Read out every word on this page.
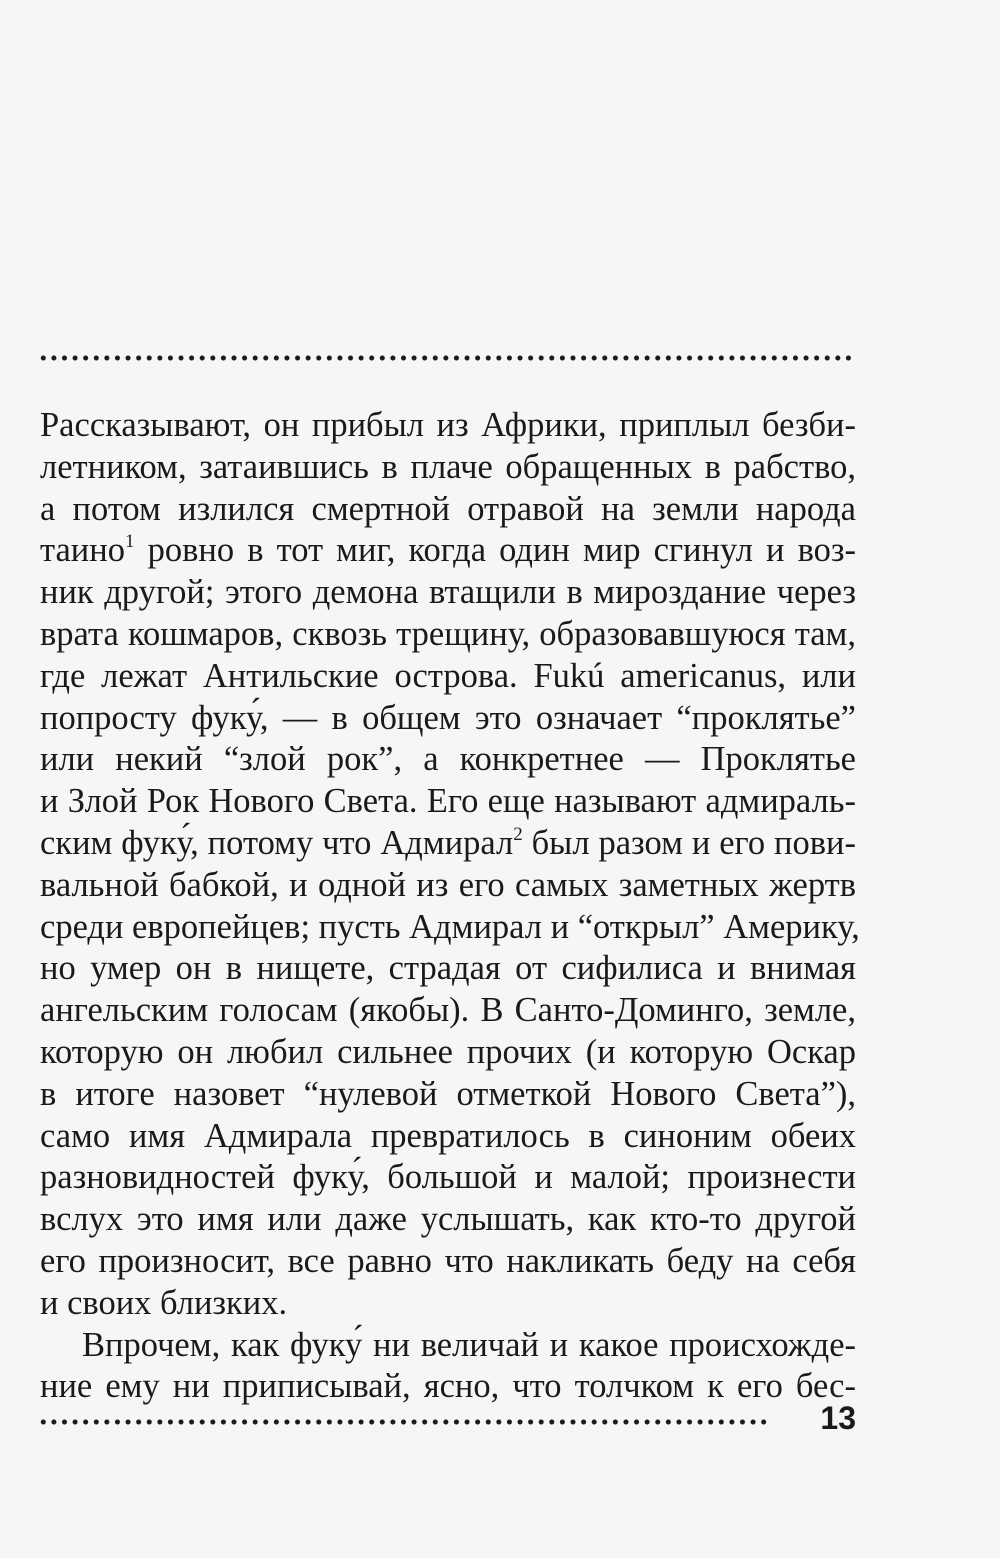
Рассказывают, он прибыл из Африки, приплыл безби-
летником, затаившись в плаче обращенных в рабство,
а потом излился смертной отравой на земли народа
таино$^1$ ровно в тот миг, когда один мир сгинул и воз-
ник другой; этого демона втащили в мироздание через
врата кошмаров, сквозь трещину, образовавшуюся там,
где лежат Антильские острова. Fukú americanus, или
попросту фуку́, — в общем это означает “проклятье”
или некий “злой рок”, а конкретнее — Проклятье
и Злой Рок Нового Света. Его еще называют адмираль-
ским фуку́, потому что Адмирал$^2$ был разом и его пови-
вальной бабкой, и одной из его самых заметных жертв
среди европейцев; пусть Адмирал и “открыл” Америку,
но умер он в нищете, страдая от сифилиса и внимая
ангельским голосам (якобы). В Санто-Доминго, земле,
которую он любил сильнее прочих (и которую Оскар
в итоге назовет “нулевой отметкой Нового Света”),
само имя Адмирала превратилось в синоним обеих
разновидностей фуку́, большой и малой; произнести
вслух это имя или даже услышать, как кто-то другой
его произносит, все равно что накликать беду на себя
и своих близких.
Впрочем, как фуку́ ни величай и какое происхожде-
ние ему ни приписывай, ясно, что толчком к его бес-
13
